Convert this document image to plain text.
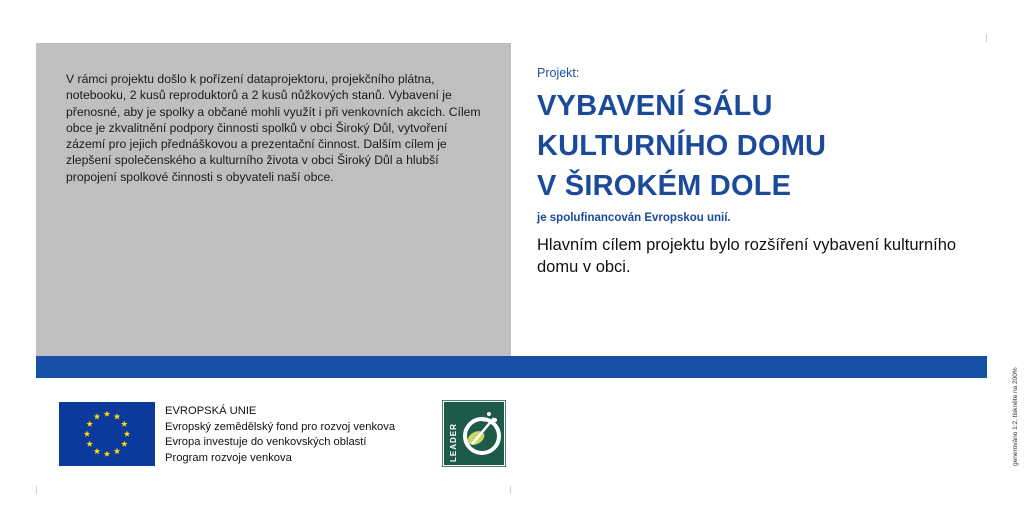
V rámci projektu došlo k pořízení dataprojektoru, projekčního plátna, notebooku, 2 kusů reproduktorů a 2 kusů nůžkových stanů. Vybavení je přenosné, aby je spolky a občané mohli využít i při venkovních akcích. Cílem obce je zkvalitnění podpory činnosti spolků v obci Široký Důl, vytvoření zázemí pro jejich přednáškovou a prezentační činnost. Dalším cílem je zlepšení společenského a kulturního života v obci Široký Důl a hlubší propojení spolkové činnosti s obyvateli naší obce.
Projekt:
VYBAVENÍ SÁLU
KULTURNÍHO DOMU
V ŠIROKÉM DOLE
je spolufinancován Evropskou unií.
Hlavním cílem projektu bylo rozšíření vybavení kulturního domu v obci.
EVROPSKÁ UNIE
Evropský zemědělský fond pro rozvoj venkova
Evropa investuje do venkovských oblastí
Program rozvoje venkova	LEADER	generováno 1:2, tiskněte na 200%
